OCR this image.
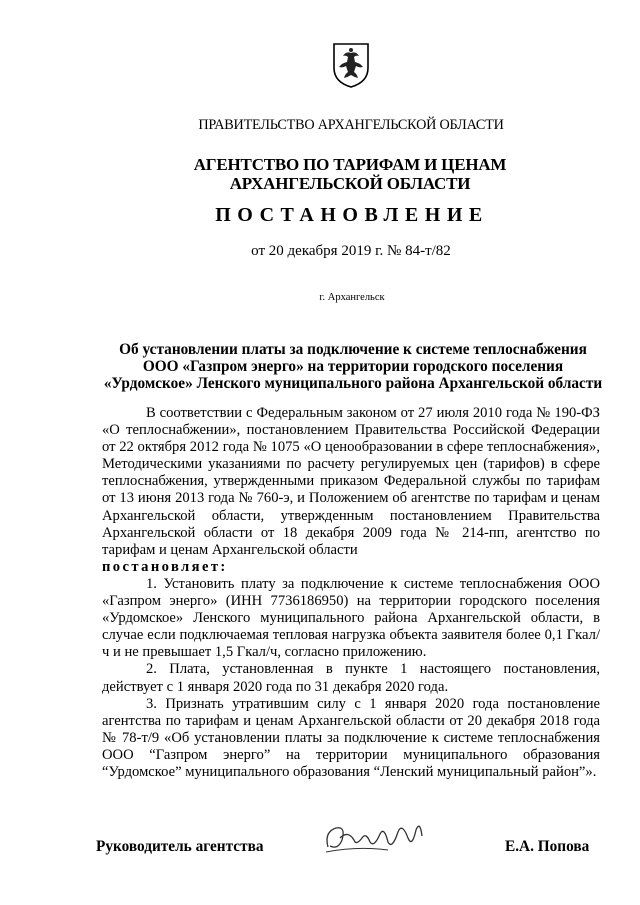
ПРАВИТЕЛЬСТВО АРХАНГЕЛЬСКОЙ ОБЛАСТИ
АГЕНТСТВО ПО ТАРИФАМ И ЦЕНАМ
АРХАНГЕЛЬСКОЙ ОБЛАСТИ
ПОСТАНОВЛЕНИЕ
от 20 декабря 2019 г. № 84-т/82
г. Архангельск
Об установлении платы за подключение к системе теплоснабжения
ООО «Газпром энерго» на территории городского поселения
«Урдомское» Ленского муниципального района Архангельской области

В соответствии с Федеральным законом от 27 июля 2010 года № 190-ФЗ «О теплоснабжении», постановлением Правительства Российской Федерации от 22 октября 2012 года № 1075 «О ценообразовании в сфере теплоснабжения», Методическими указаниями по расчету регулируемых цен (тарифов) в сфере теплоснабжения, утвержденными приказом Федеральной службы по тарифам от 13 июня 2013 года № 760-э, и Положением об агентстве по тарифам и ценам Архангельской области, утвержденным постановлением Правительства Архангельской области от 18 декабря 2009 года № 214-пп, агентство по тарифам и ценам Архангельской области

постановляет:

1. Установить плату за подключение к системе теплоснабжения ООО «Газпром энерго» (ИНН 7736186950) на территории городского поселения «Урдомское» Ленского муниципального района Архангельской области, в случае если подключаемая тепловая нагрузка объекта заявителя более 0,1 Гкал/ч и не превышает 1,5 Гкал/ч, согласно приложению.

2. Плата, установленная в пункте 1 настоящего постановления, действует с 1 января 2020 года по 31 декабря 2020 года.

3. Признать утратившим силу с 1 января 2020 года постановление агентства по тарифам и ценам Архангельской области от 20 декабря 2018 года № 78-т/9 «Об установлении платы за подключение к системе теплоснабжения ООО “Газпром энерго” на территории муниципального образования “Урдомское” муниципального образования “Ленский муниципальный район”».

Руководитель агентства	Е.А. Попова
